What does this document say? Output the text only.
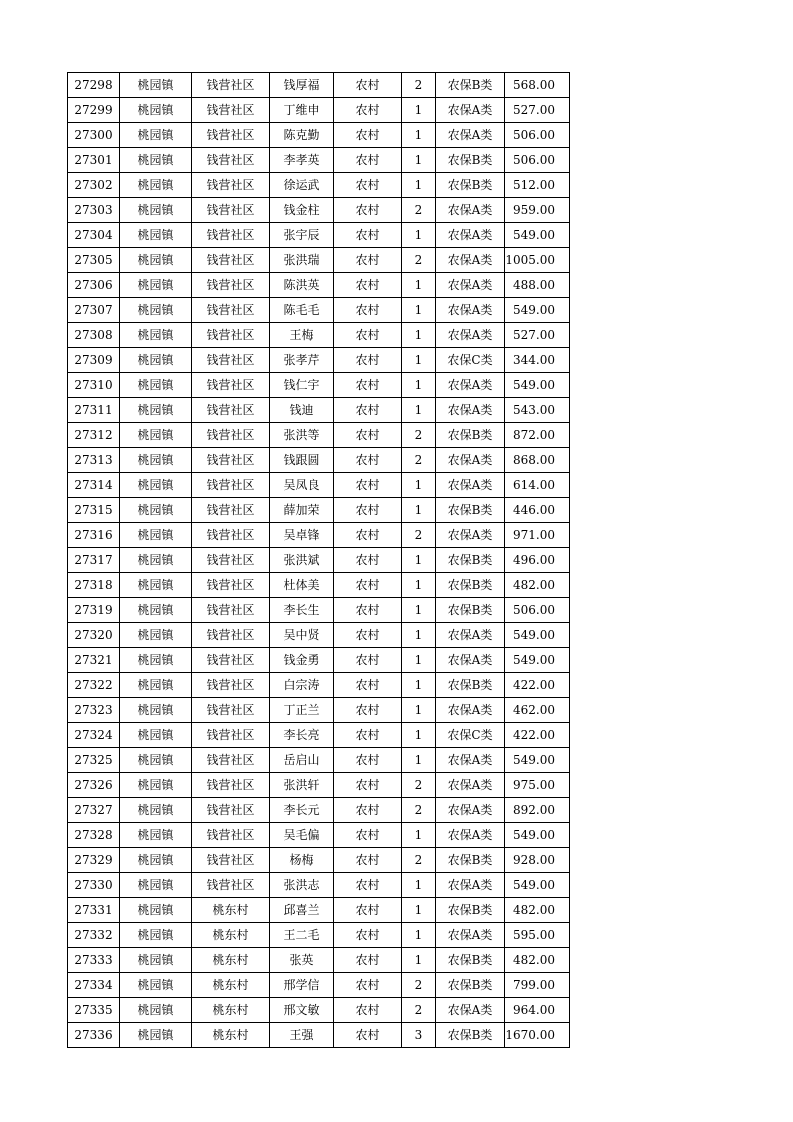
27298	桃园镇	钱营社区	钱厚福	农村	2	农保B类	568.00
27299	桃园镇	钱营社区	丁维申	农村	1	农保A类	527.00
27300	桃园镇	钱营社区	陈克勤	农村	1	农保A类	506.00
27301	桃园镇	钱营社区	李孝英	农村	1	农保B类	506.00
27302	桃园镇	钱营社区	徐运武	农村	1	农保B类	512.00
27303	桃园镇	钱营社区	钱金柱	农村	2	农保A类	959.00
27304	桃园镇	钱营社区	张宇辰	农村	1	农保A类	549.00
27305	桃园镇	钱营社区	张洪瑞	农村	2	农保A类	1005.00
27306	桃园镇	钱营社区	陈洪英	农村	1	农保A类	488.00
27307	桃园镇	钱营社区	陈毛毛	农村	1	农保A类	549.00
27308	桃园镇	钱营社区	王梅	农村	1	农保A类	527.00
27309	桃园镇	钱营社区	张孝芹	农村	1	农保C类	344.00
27310	桃园镇	钱营社区	钱仁宇	农村	1	农保A类	549.00
27311	桃园镇	钱营社区	钱迪	农村	1	农保A类	543.00
27312	桃园镇	钱营社区	张洪等	农村	2	农保B类	872.00
27313	桃园镇	钱营社区	钱跟圆	农村	2	农保A类	868.00
27314	桃园镇	钱营社区	吴凤良	农村	1	农保A类	614.00
27315	桃园镇	钱营社区	薛加荣	农村	1	农保B类	446.00
27316	桃园镇	钱营社区	吴卓锋	农村	2	农保A类	971.00
27317	桃园镇	钱营社区	张洪斌	农村	1	农保B类	496.00
27318	桃园镇	钱营社区	杜体美	农村	1	农保B类	482.00
27319	桃园镇	钱营社区	李长生	农村	1	农保B类	506.00
27320	桃园镇	钱营社区	吴中贤	农村	1	农保A类	549.00
27321	桃园镇	钱营社区	钱金勇	农村	1	农保A类	549.00
27322	桃园镇	钱营社区	白宗涛	农村	1	农保B类	422.00
27323	桃园镇	钱营社区	丁正兰	农村	1	农保A类	462.00
27324	桃园镇	钱营社区	李长亮	农村	1	农保C类	422.00
27325	桃园镇	钱营社区	岳启山	农村	1	农保A类	549.00
27326	桃园镇	钱营社区	张洪轩	农村	2	农保A类	975.00
27327	桃园镇	钱营社区	李长元	农村	2	农保A类	892.00
27328	桃园镇	钱营社区	吴毛偏	农村	1	农保A类	549.00
27329	桃园镇	钱营社区	杨梅	农村	2	农保B类	928.00
27330	桃园镇	钱营社区	张洪志	农村	1	农保A类	549.00
27331	桃园镇	桃东村	邱喜兰	农村	1	农保B类	482.00
27332	桃园镇	桃东村	王二毛	农村	1	农保A类	595.00
27333	桃园镇	桃东村	张英	农村	1	农保B类	482.00
27334	桃园镇	桃东村	邢学信	农村	2	农保B类	799.00
27335	桃园镇	桃东村	邢文敏	农村	2	农保A类	964.00
27336	桃园镇	桃东村	王强	农村	3	农保B类	1670.00
